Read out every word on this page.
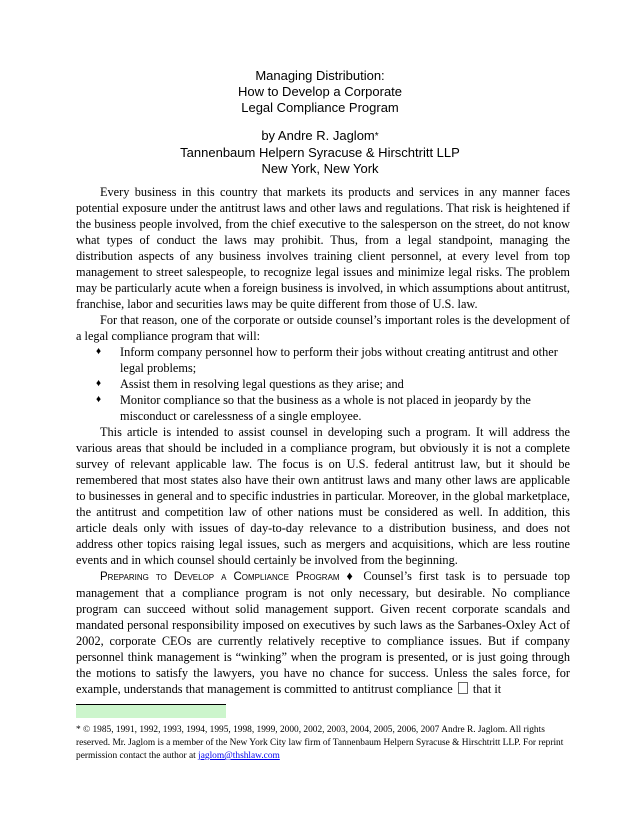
Managing Distribution:
How to Develop a Corporate
Legal Compliance Program
by Andre R. Jaglom*
Tannenbaum Helpern Syracuse & Hirschtritt LLP
New York, New York

Every business in this country that markets its products and services in any manner faces potential exposure under the antitrust laws and other laws and regulations. That risk is heightened if the business people involved, from the chief executive to the salesperson on the street, do not know what types of conduct the laws may prohibit. Thus, from a legal standpoint, managing the distribution aspects of any business involves training client personnel, at every level from top management to street salespeople, to recognize legal issues and minimize legal risks. The problem may be particularly acute when a foreign business is involved, in which assumptions about antitrust, franchise, labor and securities laws may be quite different from those of U.S. law.

For that reason, one of the corporate or outside counsel’s important roles is the development of a legal compliance program that will:

♦ Inform company personnel how to perform their jobs without creating antitrust and other legal problems;
♦ Assist them in resolving legal questions as they arise; and
♦ Monitor compliance so that the business as a whole is not placed in jeopardy by the misconduct or carelessness of a single employee.

This article is intended to assist counsel in developing such a program. It will address the various areas that should be included in a compliance program, but obviously it is not a complete survey of relevant applicable law. The focus is on U.S. federal antitrust law, but it should be remembered that most states also have their own antitrust laws and many other laws are applicable to businesses in general and to specific industries in particular. Moreover, in the global marketplace, the antitrust and competition law of other nations must be considered as well. In addition, this article deals only with issues of day-to-day relevance to a distribution business, and does not address other topics raising legal issues, such as mergers and acquisitions, which are less routine events and in which counsel should certainly be involved from the beginning.

Preparing to Develop a Compliance Program ♦ Counsel’s first task is to persuade top management that a compliance program is not only necessary, but desirable. No compliance program can succeed without solid management support. Given recent corporate scandals and mandated personal responsibility imposed on executives by such laws as the Sarbanes-Oxley Act of 2002, corporate CEOs are currently relatively receptive to compliance issues. But if company personnel think management is “winking” when the program is presented, or is just going through the motions to satisfy the lawyers, you have no chance for success. Unless the sales force, for example, understands that management is committed to antitrust compliance that it

* © 1985, 1991, 1992, 1993, 1994, 1995, 1998, 1999, 2000, 2002, 2003, 2004, 2005, 2006, 2007 Andre R. Jaglom. All rights reserved. Mr. Jaglom is a member of the New York City law firm of Tannenbaum Helpern Syracuse & Hirschtritt LLP. For reprint permission contact the author at jaglom@thshlaw.com
